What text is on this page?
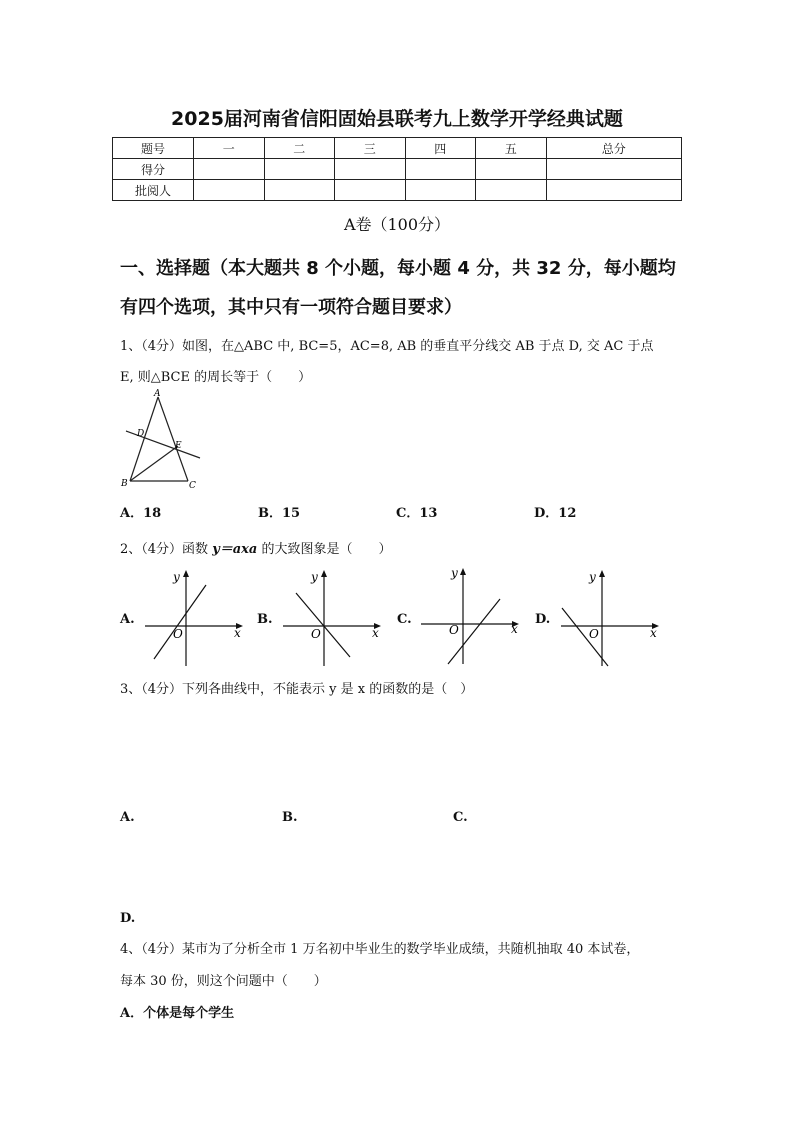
2025届河南省信阳固始县联考九上数学开学经典试题
题号	一	二	三	四	五	总分
得分						
批阅人						
A卷（100分）
一、选择题（本大题共 8 个小题，每小题 4 分，共 32 分，每小题均
有四个选项，其中只有一项符合题目要求）
1、（4分）如图，在△ABC 中, BC=5，AC=8, AB 的垂直平分线交 AB 于点 D, 交 AC 于点
E, 则△BCE 的周长等于（　　）
A
D
E
B	C
A．18	B．15	C．13	D．12
2、（4分）函数 y＝axa 的大致图象是（　　）
A.
y
x
O
B.
y
x
O
C.
y
x
O
D.
y
x
O
3、（4分）下列各曲线中，不能表示 y 是 x 的函数的是（　）
A.	B.	C.
D.
4、（4分）某市为了分析全市 1 万名初中毕业生的数学毕业成绩，共随机抽取 40 本试卷，
每本 30 份，则这个问题中（　　）
A．个体是每个学生
